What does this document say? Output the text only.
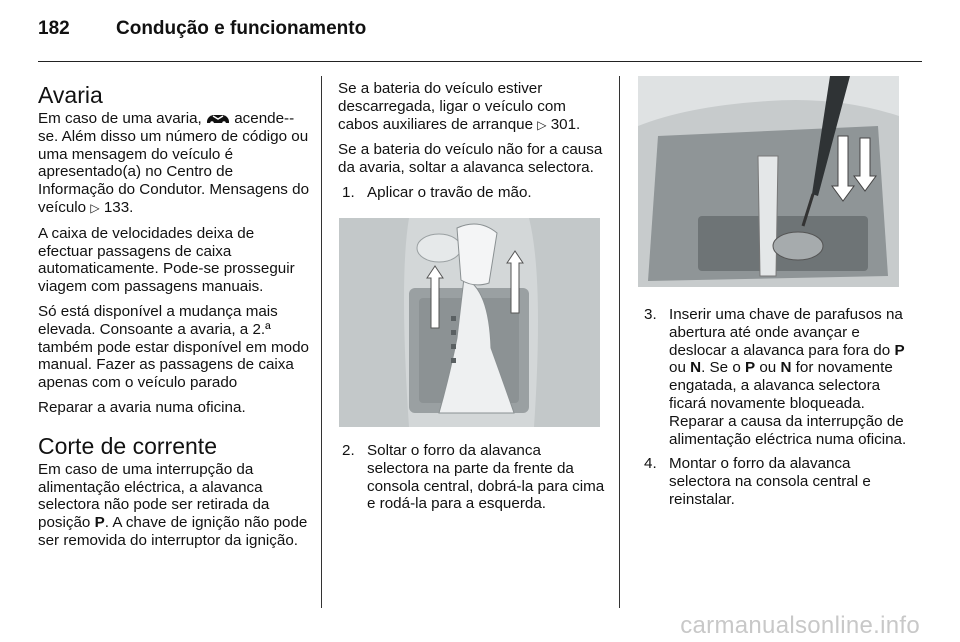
182 Condução e funcionamento
Avaria

Em caso de uma avaria,  acende--se. Além disso um número de código ou uma mensagem do veículo é apresentado(a) no Centro de Informação do Condutor. Mensagens do veículo ▷ 133.

A caixa de velocidades deixa de efectuar passagens de caixa automaticamente. Pode-se prosseguir viagem com passagens manuais.

Só está disponível a mudança mais elevada. Consoante a avaria, a 2.ª também pode estar disponível em modo manual. Fazer as passagens de caixa apenas com o veículo parado

Reparar a avaria numa oficina.

Corte de corrente

Em caso de uma interrupção da alimentação eléctrica, a alavanca selectora não pode ser retirada da posição P. A chave de ignição não pode ser removida do interruptor da ignição.

Se a bateria do veículo estiver descarregada, ligar o veículo com cabos auxiliares de arranque ▷ 301.

Se a bateria do veículo não for a causa da avaria, soltar a alavanca selectora.

1. Aplicar o travão de mão.
2. Soltar o forro da alavanca selectora na parte da frente da consola central, dobrá-la para cima e rodá-la para a esquerda.
3. Inserir uma chave de parafusos na abertura até onde avançar e deslocar a alavanca para fora do P ou N. Se o P ou N for novamente engatada, a alavanca selectora ficará novamente bloqueada. Reparar a causa da interrupção de alimentação eléctrica numa oficina.
4. Montar o forro da alavanca selectora na consola central e reinstalar.
carmanualsonline.info
